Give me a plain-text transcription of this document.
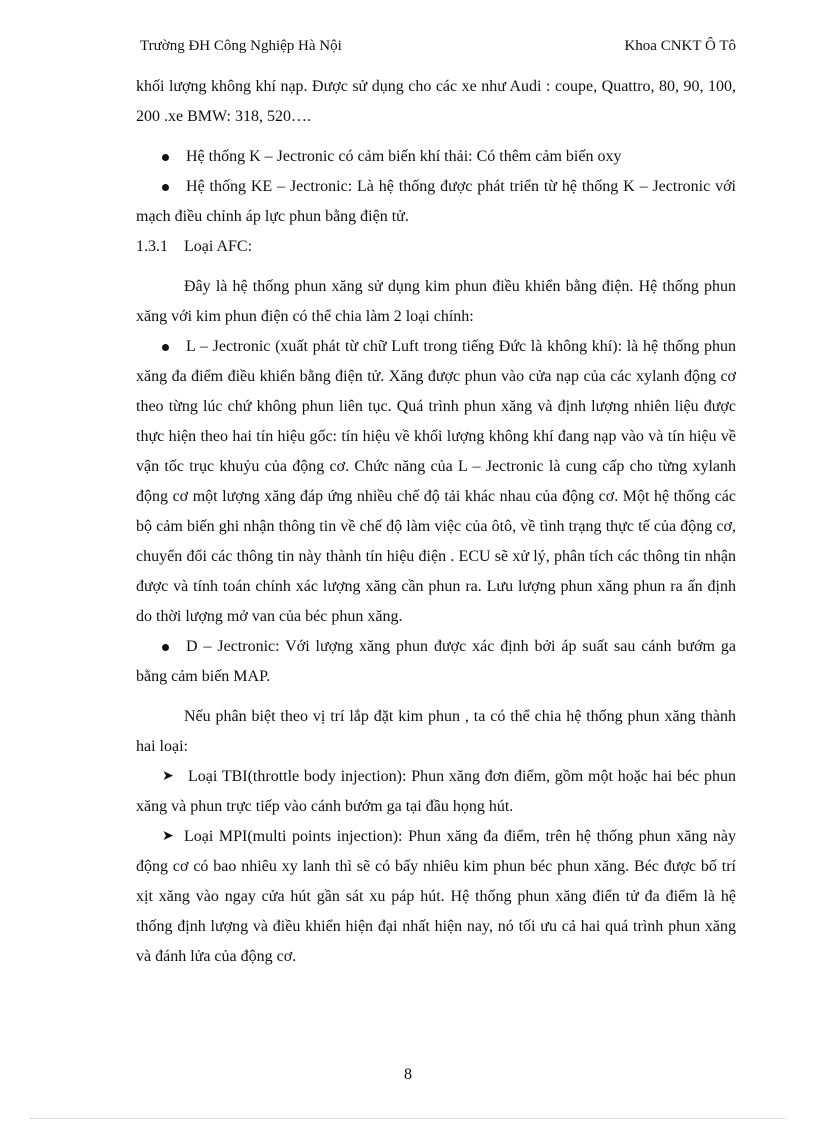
Trường ĐH Công Nghiệp Hà Nội	Khoa CNKT Ô Tô

khối lượng không khí nạp. Được sử dụng cho các xe như Audi : coupe, Quattro, 80, 90, 100, 200 .xe BMW: 318, 520….

Hệ thống K – Jectronic có cảm biến khí thải: Có thêm cảm biến oxy

Hệ thống KE – Jectronic: Là hệ thống được phát triển từ hệ thống K – Jectronic với mạch điều chỉnh áp lực phun bằng điện tử.

1.3.1 Loại AFC:

Đây là hệ thống phun xăng sử dụng kim phun điều khiển bằng điện. Hệ thống phun xăng với kim phun điện có thể chia làm 2 loại chính:

L – Jectronic (xuất phát từ chữ Luft trong tiếng Đức là không khí): là hệ thống phun xăng đa điểm điều khiển bằng điện tử. Xăng được phun vào cửa nạp của các xylanh động cơ theo từng lúc chứ không phun liên tục. Quá trình phun xăng và định lượng nhiên liệu được thực hiện theo hai tín hiệu gốc: tín hiệu về khối lượng không khí đang nạp vào và tín hiệu về vận tốc trục khuỷu của động cơ. Chức năng của L – Jectronic là cung cấp cho từng xylanh động cơ một lượng xăng đáp ứng nhiều chế độ tải khác nhau của động cơ. Một hệ thống các bộ cảm biến ghi nhận thông tin về chế độ làm việc của ôtô, về tình trạng thực tế của động cơ, chuyển đổi các thông tin này thành tín hiệu điện . ECU sẽ xử lý, phân tích các thông tin nhận được và tính toán chính xác lượng xăng cần phun ra. Lưu lượng phun xăng phun ra ấn định do thời lượng mở van của béc phun xăng.

D – Jectronic: Với lượng xăng phun được xác định bởi áp suất sau cánh bướm ga bằng cảm biến MAP.

Nếu phân biệt theo vị trí lắp đặt kim phun , ta có thể chia hệ thống phun xăng thành hai loại:

➤ Loại TBI(throttle body injection): Phun xăng đơn điểm, gồm một hoặc hai béc phun xăng và phun trực tiếp vào cánh bướm ga tại đầu họng hút.

➤ Loại MPI(multi points injection): Phun xăng đa điểm, trên hệ thống phun xăng này động cơ có bao nhiêu xy lanh thì sẽ có bấy nhiêu kim phun béc phun xăng. Béc được bố trí xịt xăng vào ngay cửa hút gần sát xu páp hút. Hệ thống phun xăng điển tử đa điểm là hệ thống định lượng và điều khiển hiện đại nhất hiện nay, nó tối ưu cả hai quá trình phun xăng và đánh lửa của động cơ.

8
